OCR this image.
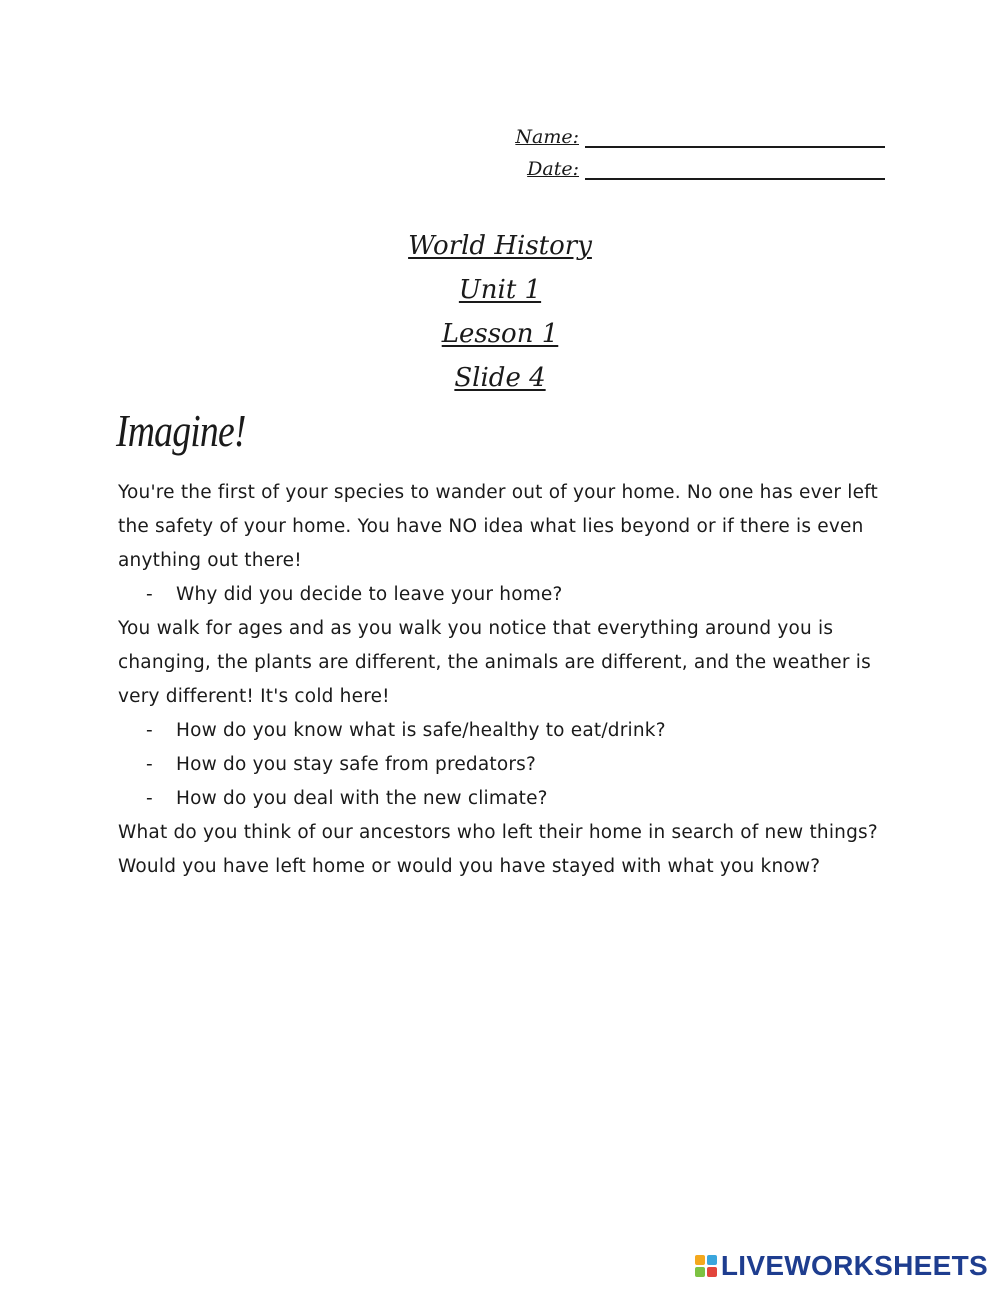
Name:
Date:
World History
Unit 1
Lesson 1
Slide 4
Imagine!

You're the first of your species to wander out of your home. No one has ever left the safety of your home. You have NO idea what lies beyond or if there is even anything out there!

- Why did you decide to leave your home?

You walk for ages and as you walk you notice that everything around you is changing, the plants are different, the animals are different, and the weather is very different! It's cold here!

- How do you know what is safe/healthy to eat/drink?
- How do you stay safe from predators?
- How do you deal with the new climate?

What do you think of our ancestors who left their home in search of new things? Would you have left home or would you have stayed with what you know?

LIVEWORKSHEETS
